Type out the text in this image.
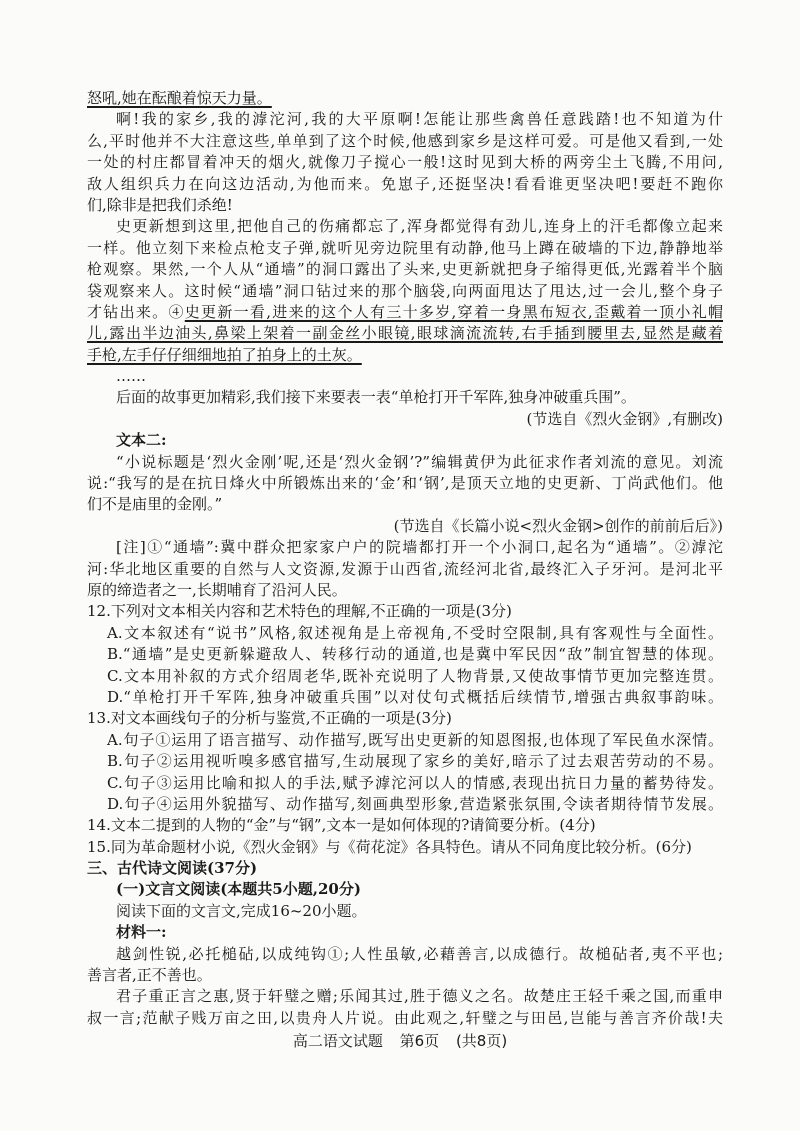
怒吼,她在酝酿着惊天力量。
啊!我的家乡,我的滹沱河,我的大平原啊!怎能让那些禽兽任意践踏!也不知道为什
么,平时他并不大注意这些,单单到了这个时候,他感到家乡是这样可爱。可是他又看到,一处
一处的村庄都冒着冲天的烟火,就像刀子搅心一般!这时见到大桥的两旁尘土飞腾,不用问,
敌人组织兵力在向这边活动,为他而来。免崽子,还挺坚决!看看谁更坚决吧!要赶不跑你
们,除非是把我们杀绝!
史更新想到这里,把他自己的伤痛都忘了,浑身都觉得有劲儿,连身上的汗毛都像立起来
一样。他立刻下来检点枪支子弹,就听见旁边院里有动静,他马上蹲在破墙的下边,静静地举
枪观察。果然,一个人从“通墙”的洞口露出了头来,史更新就把身子缩得更低,光露着半个脑
袋观察来人。这时候“通墙”洞口钻过来的那个脑袋,向两面甩达了甩达,过一会儿,整个身子
才钻出来。④史更新一看,进来的这个人有三十多岁,穿着一身黑布短衣,歪戴着一顶小礼帽
儿,露出半边油头,鼻梁上架着一副金丝小眼镜,眼球滴流流转,右手插到腰里去,显然是藏着
手枪,左手仔仔细细地拍了拍身上的土灰。
……
后面的故事更加精彩,我们接下来要表一表“单枪打开千军阵,独身冲破重兵围”。
(节选自《烈火金钢》,有删改)
文本二:
“小说标题是‘烈火金刚’呢,还是‘烈火金钢’?”编辑黄伊为此征求作者刘流的意见。刘流
说:“我写的是在抗日烽火中所锻炼出来的‘金’和‘钢’,是顶天立地的史更新、丁尚武他们。他
们不是庙里的金刚。”
(节选自《长篇小说<烈火金钢>创作的前前后后》)
[注]①“通墙”:冀中群众把家家户户的院墙都打开一个小洞口,起名为“通墙”。②滹沱
河:华北地区重要的自然与人文资源,发源于山西省,流经河北省,最终汇入子牙河。是河北平
原的缔造者之一,长期哺育了沿河人民。
12.下列对文本相关内容和艺术特色的理解,不正确的一项是(3分)
A.文本叙述有“说书”风格,叙述视角是上帝视角,不受时空限制,具有客观性与全面性。
B.“通墙”是史更新躲避敌人、转移行动的通道,也是冀中军民因“敌”制宜智慧的体现。
C.文本用补叙的方式介绍周老华,既补充说明了人物背景,又使故事情节更加完整连贯。
D.“单枪打开千军阵,独身冲破重兵围”以对仗句式概括后续情节,增强古典叙事韵味。
13.对文本画线句子的分析与鉴赏,不正确的一项是(3分)
A.句子①运用了语言描写、动作描写,既写出史更新的知恩图报,也体现了军民鱼水深情。
B.句子②运用视听嗅多感官描写,生动展现了家乡的美好,暗示了过去艰苦劳动的不易。
C.句子③运用比喻和拟人的手法,赋予滹沱河以人的情感,表现出抗日力量的蓄势待发。
D.句子④运用外貌描写、动作描写,刻画典型形象,营造紧张氛围,令读者期待情节发展。
14.文本二提到的人物的“金”与“钢”,文本一是如何体现的?请简要分析。(4分)
15.同为革命题材小说,《烈火金钢》与《荷花淀》各具特色。请从不同角度比较分析。(6分)
三、古代诗文阅读(37分)
(一)文言文阅读(本题共5小题,20分)
阅读下面的文言文,完成16~20小题。
材料一:
越剑性锐,必托槌砧,以成纯钩①;人性虽敏,必藉善言,以成德行。故槌砧者,夷不平也;
善言者,正不善也。
君子重正言之惠,贤于轩璧之赠;乐闻其过,胜于德义之名。故楚庄王轻千乘之国,而重申
叔一言;范献子贱万亩之田,以贵舟人片说。由此观之,轩璧之与田邑,岂能与善言齐价哉!夫
高二语文试题 第6页 (共8页)
